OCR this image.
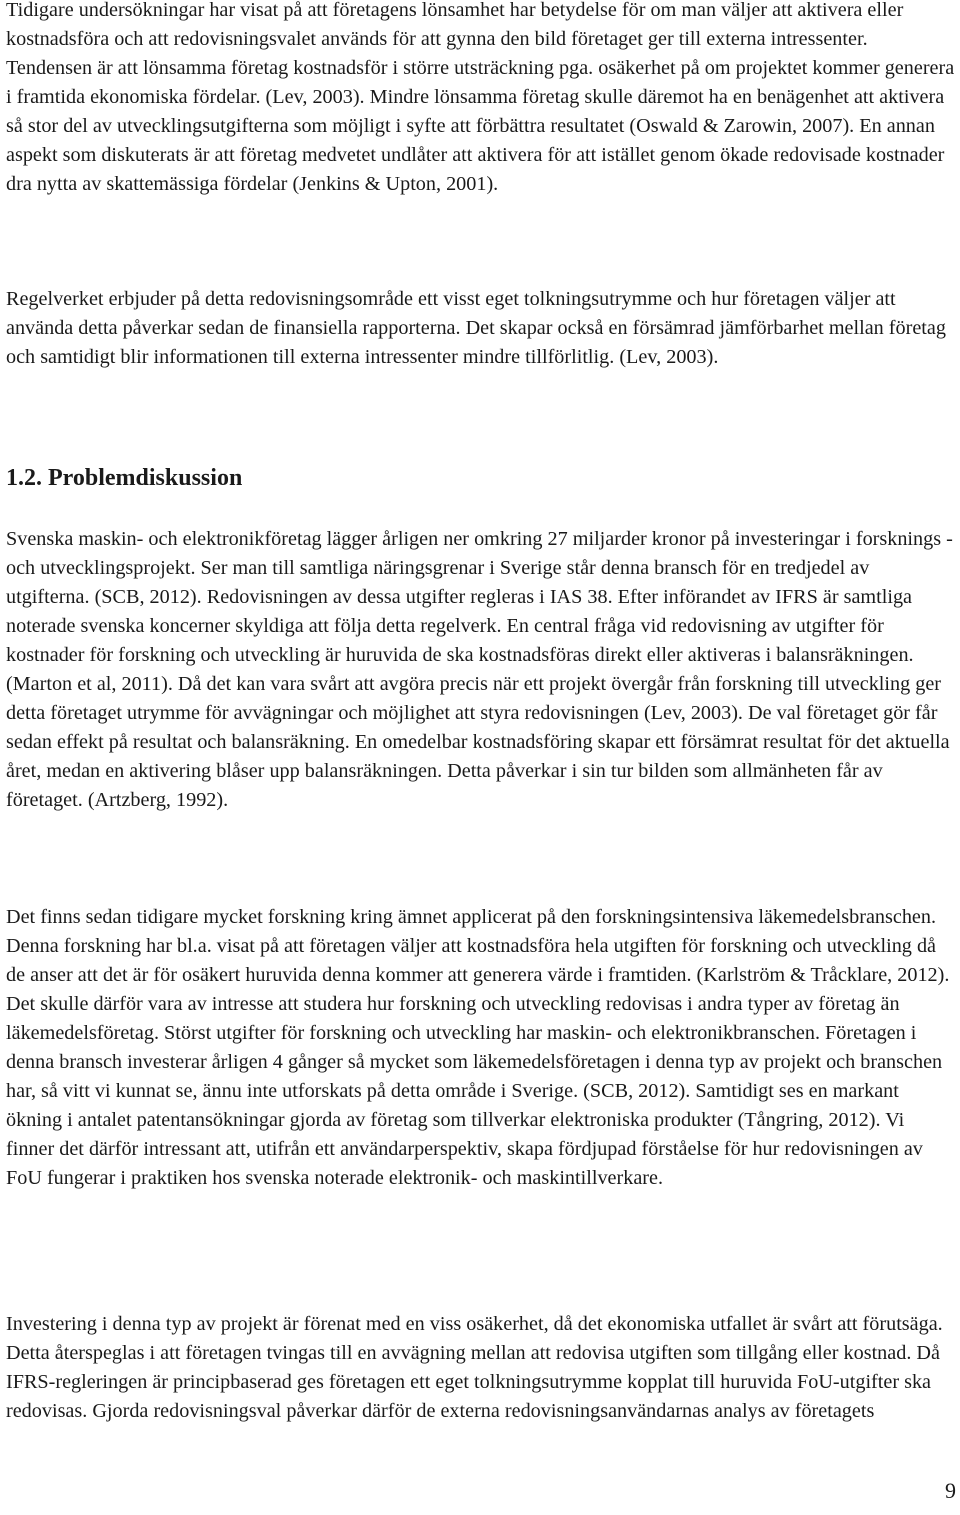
Tidigare undersökningar har visat på att företagens lönsamhet har betydelse för om man väljer att aktivera eller kostnadsföra och att redovisningsvalet används för att gynna den bild företaget ger till externa intressenter. Tendensen är att lönsamma företag kostnadsför i större utsträckning pga. osäkerhet på om projektet kommer generera i framtida ekonomiska fördelar. (Lev, 2003). Mindre lönsamma företag skulle däremot ha en benägenhet att aktivera så stor del av utvecklingsutgifterna som möjligt i syfte att förbättra resultatet (Oswald & Zarowin, 2007). En annan aspekt som diskuterats är att företag medvetet undlåter att aktivera för att istället genom ökade redovisade kostnader dra nytta av skattemässiga fördelar (Jenkins & Upton, 2001).

Regelverket erbjuder på detta redovisningsområde ett visst eget tolkningsutrymme och hur företagen väljer att använda detta påverkar sedan de finansiella rapporterna. Det skapar också en försämrad jämförbarhet mellan företag och samtidigt blir informationen till externa intressenter mindre tillförlitlig. (Lev, 2003).

1.2. Problemdiskussion

Svenska maskin- och elektronikföretag lägger årligen ner omkring 27 miljarder kronor på investeringar i forsknings - och utvecklingsprojekt. Ser man till samtliga näringsgrenar i Sverige står denna bransch för en tredjedel av utgifterna. (SCB, 2012). Redovisningen av dessa utgifter regleras i IAS 38. Efter införandet av IFRS är samtliga noterade svenska koncerner skyldiga att följa detta regelverk. En central fråga vid redovisning av utgifter för kostnader för forskning och utveckling är huruvida de ska kostnadsföras direkt eller aktiveras i balansräkningen. (Marton et al, 2011). Då det kan vara svårt att avgöra precis när ett projekt övergår från forskning till utveckling ger detta företaget utrymme för avvägningar och möjlighet att styra redovisningen (Lev, 2003). De val företaget gör får sedan effekt på resultat och balansräkning. En omedelbar kostnadsföring skapar ett försämrat resultat för det aktuella året, medan en aktivering blåser upp balansräkningen. Detta påverkar i sin tur bilden som allmänheten får av företaget. (Artzberg, 1992).

Det finns sedan tidigare mycket forskning kring ämnet applicerat på den forskningsintensiva läkemedelsbranschen. Denna forskning har bl.a. visat på att företagen väljer att kostnadsföra hela utgiften för forskning och utveckling då de anser att det är för osäkert huruvida denna kommer att generera värde i framtiden. (Karlström & Tråcklare, 2012). Det skulle därför vara av intresse att studera hur forskning och utveckling redovisas i andra typer av företag än läkemedelsföretag. Störst utgifter för forskning och utveckling har maskin- och elektronikbranschen. Företagen i denna bransch investerar årligen 4 gånger så mycket som läkemedelsföretagen i denna typ av projekt och branschen har, så vitt vi kunnat se, ännu inte utforskats på detta område i Sverige. (SCB, 2012). Samtidigt ses en markant ökning i antalet patentansökningar gjorda av företag som tillverkar elektroniska produkter (Tångring, 2012). Vi finner det därför intressant att, utifrån ett användarperspektiv, skapa fördjupad förståelse för hur redovisningen av FoU fungerar i praktiken hos svenska noterade elektronik- och maskintillverkare.

Investering i denna typ av projekt är förenat med en viss osäkerhet, då det ekonomiska utfallet är svårt att förutsäga. Detta återspeglas i att företagen tvingas till en avvägning mellan att redovisa utgiften som tillgång eller kostnad. Då IFRS-regleringen är principbaserad ges företagen ett eget tolkningsutrymme kopplat till huruvida FoU-utgifter ska redovisas. Gjorda redovisningsval påverkar därför de externa redovisningsanvändarnas analys av företagets

9
